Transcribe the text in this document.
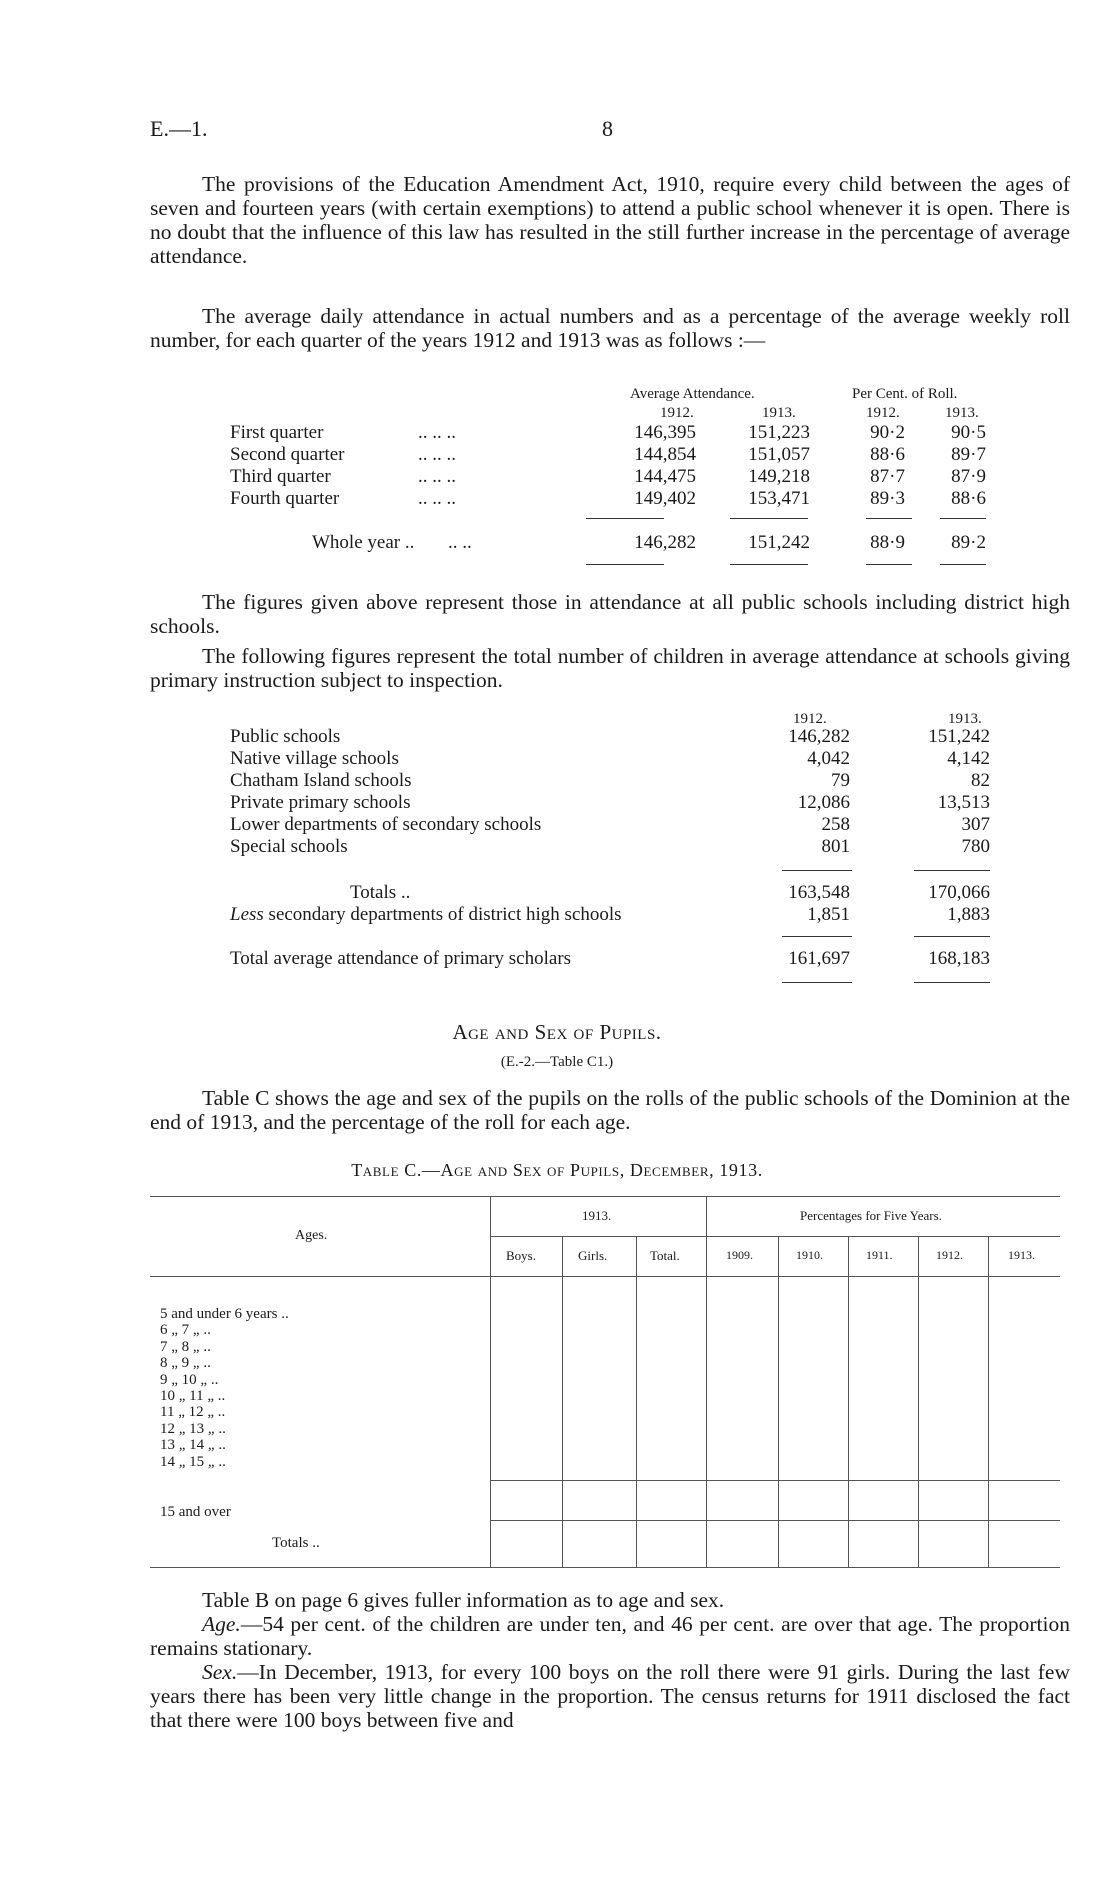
E.—1.	8
The provisions of the Education Amendment Act, 1910, require every child between the ages of seven and fourteen years (with certain exemptions) to attend a public school whenever it is open. There is no doubt that the influence of this law has resulted in the still further increase in the percentage of average attendance.
The average daily attendance in actual numbers and as a percentage of the average weekly roll number, for each quarter of the years 1912 and 1913 was as follows :—
Average Attendance.	Per Cent. of Roll.
1912.	1913.	1912.	1913.
First quarter	.. .. ..	146,395	151,223	90·2 90·5
Second quarter	.. .. ..	144,854	151,057	88·6 89·7
Third quarter	.. .. ..	144,475	149,218	87·7 87·9
Fourth quarter	.. .. ..	149,402	153,471	89·3 88·6
Whole year .. .. ..	146,282	151,242	88·9 89·2
The figures given above represent those in attendance at all public schools including district high schools.
The following figures represent the total number of children in average attendance at schools giving primary instruction subject to inspection.
1912.	1913.
Public schools	146,282	151,242
Native village schools	4,042	4,142
Chatham Island schools	79	82
Private primary schools	12,086	13,513
Lower departments of secondary schools	258	307
Special schools	801	780
Totals ..	163,548	170,066
Less secondary departments of district high schools	1,851	1,883
Total average attendance of primary scholars	161,697	168,183
Age and Sex of Pupils.
(E.-2.—Table C1.)
Table C shows the age and sex of the pupils on the rolls of the public schools of the Dominion at the end of 1913, and the percentage of the roll for each age.
Table C.—Age and Sex of Pupils, December, 1913.
Ages.
1913.	Percentages for Five Years.
Boys.	Girls.	Total.	1909.	1910.	1911.	1912.	1913.
5 and under 6 years ..
6 „ 7 „ ..
7 „ 8 „ ..
8 „ 9 „ ..
9 „ 10 „ ..
10 „ 11 „ ..
11 „ 12 „ ..
12 „ 13 „ ..
13 „ 14 „ ..
14 „ 15 „ ..
15 and over
Totals ..
Table B on page 6 gives fuller information as to age and sex.
Age.—54 per cent. of the children are under ten, and 46 per cent. are over that age. The proportion remains stationary.
Sex.—In December, 1913, for every 100 boys on the roll there were 91 girls. During the last few years there has been very little change in the proportion. The census returns for 1911 disclosed the fact that there were 100 boys between five and
